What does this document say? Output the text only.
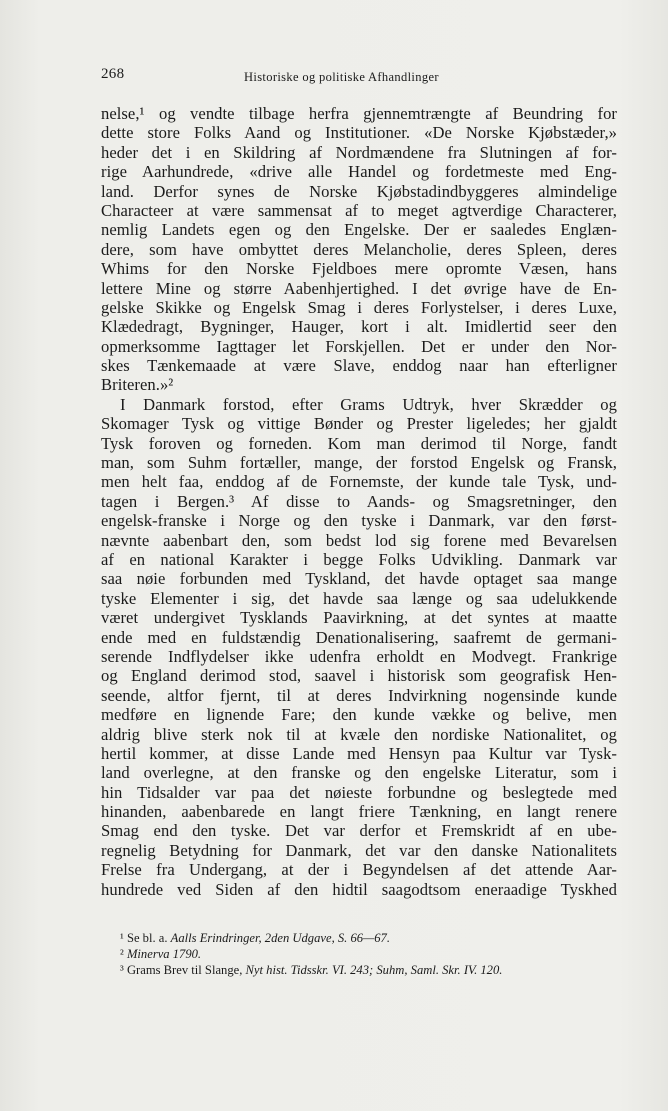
268	Historiske og politiske Afhandlinger
nelse,¹ og vendte tilbage herfra gjennemtrængte af Beundring for
dette store Folks Aand og Institutioner. «De Norske Kjøbstæder,»
heder det i en Skildring af Nordmændene fra Slutningen af for-
rige Aarhundrede, «drive alle Handel og fordetmeste med Eng-
land. Derfor synes de Norske Kjøbstadindbyggeres almindelige
Characteer at være sammensat af to meget agtverdige Characterer,
nemlig Landets egen og den Engelske. Der er saaledes Englæn-
dere, som have ombyttet deres Melancholie, deres Spleen, deres
Whims for den Norske Fjeldboes mere opromte Væsen, hans
lettere Mine og større Aabenhjertighed. I det øvrige have de En-
gelske Skikke og Engelsk Smag i deres Forlystelser, i deres Luxe,
Klædedragt, Bygninger, Hauger, kort i alt. Imidlertid seer den
opmerksomme Iagttager let Forskjellen. Det er under den Nor-
skes Tænkemaade at være Slave, enddog naar han efterligner
Briteren.»²
I Danmark forstod, efter Grams Udtryk, hver Skrædder og
Skomager Tysk og vittige Bønder og Prester ligeledes; her gjaldt
Tysk foroven og forneden. Kom man derimod til Norge, fandt
man, som Suhm fortæller, mange, der forstod Engelsk og Fransk,
men helt faa, enddog af de Fornemste, der kunde tale Tysk, und-
tagen i Bergen.³ Af disse to Aands- og Smagsretninger, den
engelsk-franske i Norge og den tyske i Danmark, var den først-
nævnte aabenbart den, som bedst lod sig forene med Bevarelsen
af en national Karakter i begge Folks Udvikling. Danmark var
saa nøie forbunden med Tyskland, det havde optaget saa mange
tyske Elementer i sig, det havde saa længe og saa udelukkende
været undergivet Tysklands Paavirkning, at det syntes at maatte
ende med en fuldstændig Denationalisering, saafremt de germani-
serende Indflydelser ikke udenfra erholdt en Modvegt. Frankrige
og England derimod stod, saavel i historisk som geografisk Hen-
seende, altfor fjernt, til at deres Indvirkning nogensinde kunde
medføre en lignende Fare; den kunde vække og belive, men
aldrig blive sterk nok til at kvæle den nordiske Nationalitet, og
hertil kommer, at disse Lande med Hensyn paa Kultur var Tysk-
land overlegne, at den franske og den engelske Literatur, som i
hin Tidsalder var paa det nøieste forbundne og beslegtede med
hinanden, aabenbarede en langt friere Tænkning, en langt renere
Smag end den tyske. Det var derfor et Fremskridt af en ube-
regnelig Betydning for Danmark, det var den danske Nationalitets
Frelse fra Undergang, at der i Begyndelsen af det attende Aar-
hundrede ved Siden af den hidtil saagodtsom eneraadige Tyskhed
¹ Se bl. a. Aalls Erindringer, 2den Udgave, S. 66—67.
² Minerva 1790.
³ Grams Brev til Slange, Nyt hist. Tidsskr. VI. 243; Suhm, Saml. Skr. IV. 120.
